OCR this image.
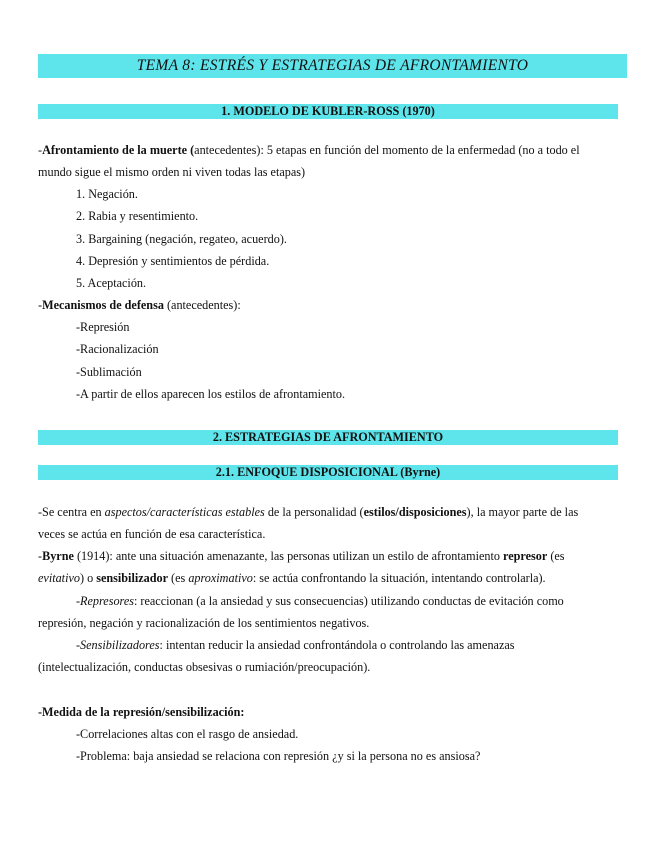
TEMA 8: ESTRÉS Y ESTRATEGIAS DE AFRONTAMIENTO
1. MODELO DE KUBLER-ROSS (1970)
-Afrontamiento de la muerte (antecedentes): 5 etapas en función del momento de la enfermedad (no a todo el
mundo sigue el mismo orden ni viven todas las etapas)
1. Negación.
2. Rabia y resentimiento.
3. Bargaining (negación, regateo, acuerdo).
4. Depresión y sentimientos de pérdida.
5. Aceptación.
-Mecanismos de defensa (antecedentes):
-Represión
-Racionalización
-Sublimación
-A partir de ellos aparecen los estilos de afrontamiento.
2. ESTRATEGIAS DE AFRONTAMIENTO
2.1. ENFOQUE DISPOSICIONAL (Byrne)
-Se centra en aspectos/características estables de la personalidad (estilos/disposiciones), la mayor parte de las
veces se actúa en función de esa característica.
-Byrne (1914): ante una situación amenazante, las personas utilizan un estilo de afrontamiento represor (es
evitativo) o sensibilizador (es aproximativo: se actúa confrontando la situación, intentando controlarla).
-Represores: reaccionan (a la ansiedad y sus consecuencias) utilizando conductas de evitación como
represión, negación y racionalización de los sentimientos negativos.
-Sensibilizadores: intentan reducir la ansiedad confrontándola o controlando las amenazas
(intelectualización, conductas obsesivas o rumiación/preocupación).
-Medida de la represión/sensibilización:
-Correlaciones altas con el rasgo de ansiedad.
-Problema: baja ansiedad se relaciona con represión ¿y si la persona no es ansiosa?
